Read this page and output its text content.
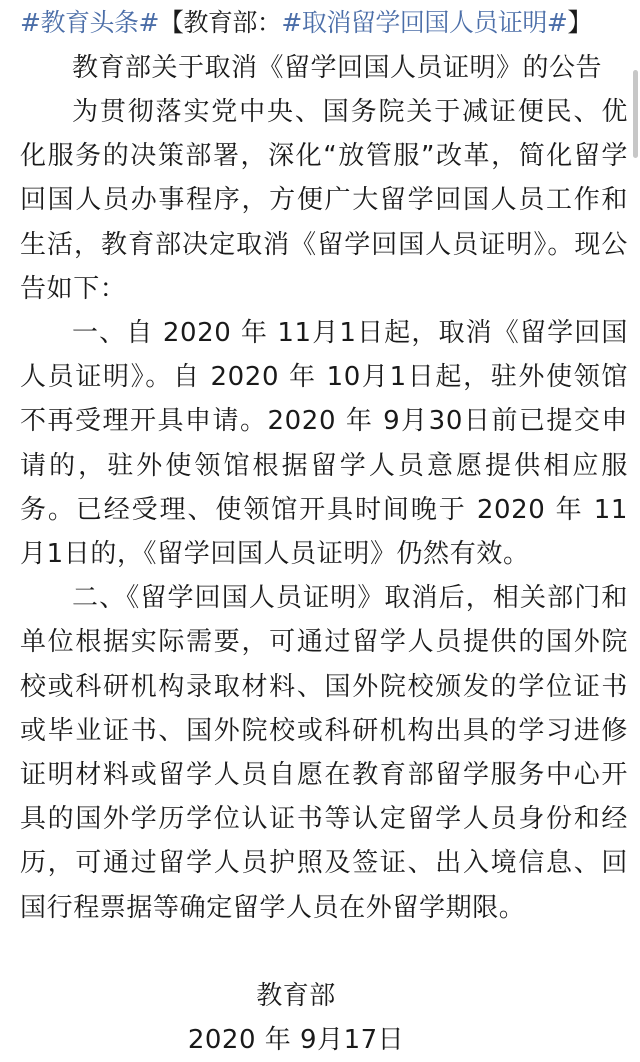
#教育头条#【教育部：#取消留学回国人员证明#】

教育部关于取消《留学回国人员证明》的公告

为贯彻落实党中央、国务院关于减证便民、优化服务的决策部署，深化“放管服”改革，简化留学回国人员办事程序，方便广大留学回国人员工作和生活，教育部决定取消《留学回国人员证明》。现公告如下：

一、自 2020 年 11月1日起，取消《留学回国人员证明》。自 2020 年 10月1日起，驻外使领馆不再受理开具申请。2020 年 9月30日前已提交申请的，驻外使领馆根据留学人员意愿提供相应服务。已经受理、使领馆开具时间晚于 2020 年 11月1日的，《留学回国人员证明》仍然有效。

二、《留学回国人员证明》取消后，相关部门和单位根据实际需要，可通过留学人员提供的国外院校或科研机构录取材料、国外院校颁发的学位证书或毕业证书、国外院校或科研机构出具的学习进修证明材料或留学人员自愿在教育部留学服务中心开具的国外学历学位认证书等认定留学人员身份和经历，可通过留学人员护照及签证、出入境信息、回国行程票据等确定留学人员在外留学期限。

教育部

2020 年 9月17日
